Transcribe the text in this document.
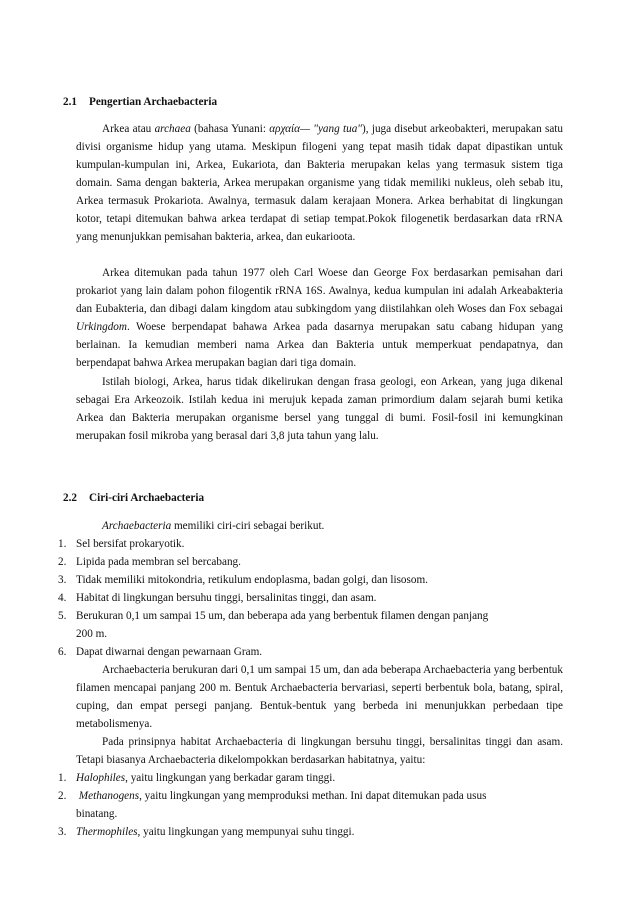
2.1 Pengertian Archaebacteria

Arkea atau archaea (bahasa Yunani: αρχαία— "yang tua"), juga disebut arkeobakteri, merupakan satu divisi organisme hidup yang utama. Meskipun filogeni yang tepat masih tidak dapat dipastikan untuk kumpulan-kumpulan ini, Arkea, Eukariota, dan Bakteria merupakan kelas yang termasuk sistem tiga domain. Sama dengan bakteria, Arkea merupakan organisme yang tidak memiliki nukleus, oleh sebab itu, Arkea termasuk Prokariota. Awalnya, termasuk dalam kerajaan Monera. Arkea berhabitat di lingkungan kotor, tetapi ditemukan bahwa arkea terdapat di setiap tempat.Pokok filogenetik berdasarkan data rRNA yang menunjukkan pemisahan bakteria, arkea, dan eukarioota.

Arkea ditemukan pada tahun 1977 oleh Carl Woese dan George Fox berdasarkan pemisahan dari prokariot yang lain dalam pohon filogentik rRNA 16S. Awalnya, kedua kumpulan ini adalah Arkeabakteria dan Eubakteria, dan dibagi dalam kingdom atau subkingdom yang diistilahkan oleh Woses dan Fox sebagai Urkingdom. Woese berpendapat bahawa Arkea pada dasarnya merupakan satu cabang hidupan yang berlainan. Ia kemudian memberi nama Arkea dan Bakteria untuk memperkuat pendapatnya, dan berpendapat bahwa Arkea merupakan bagian dari tiga domain.

Istilah biologi, Arkea, harus tidak dikelirukan dengan frasa geologi, eon Arkean, yang juga dikenal sebagai Era Arkeozoik. Istilah kedua ini merujuk kepada zaman primordium dalam sejarah bumi ketika Arkea dan Bakteria merupakan organisme bersel yang tunggal di bumi. Fosil-fosil ini kemungkinan merupakan fosil mikroba yang berasal dari 3,8 juta tahun yang lalu.

2.2 Ciri-ciri Archaebacteria

Archaebacteria memiliki ciri-ciri sebagai berikut.

1. Sel bersifat prokaryotik.
2. Lipida pada membran sel bercabang.
3. Tidak memiliki mitokondria, retikulum endoplasma, badan golgi, dan lisosom.
4. Habitat di lingkungan bersuhu tinggi, bersalinitas tinggi, dan asam.
5. Berukuran 0,1 um sampai 15 um, dan beberapa ada yang berbentuk filamen dengan panjang
200 m.
6. Dapat diwarnai dengan pewarnaan Gram.

Archaebacteria berukuran dari 0,1 um sampai 15 um, dan ada beberapa Archaebacteria yang berbentuk filamen mencapai panjang 200 m. Bentuk Archaebacteria bervariasi, seperti berbentuk bola, batang, spiral, cuping, dan empat persegi panjang. Bentuk-bentuk yang berbeda ini menunjukkan perbedaan tipe metabolismenya.

Pada prinsipnya habitat Archaebacteria di lingkungan bersuhu tinggi, bersalinitas tinggi dan asam. Tetapi biasanya Archaebacteria dikelompokkan berdasarkan habitatnya, yaitu:

1. Halophiles, yaitu lingkungan yang berkadar garam tinggi.
2. Methanogens, yaitu lingkungan yang memproduksi methan. Ini dapat ditemukan pada usus
binatang.
3. Thermophiles, yaitu lingkungan yang mempunyai suhu tinggi.
